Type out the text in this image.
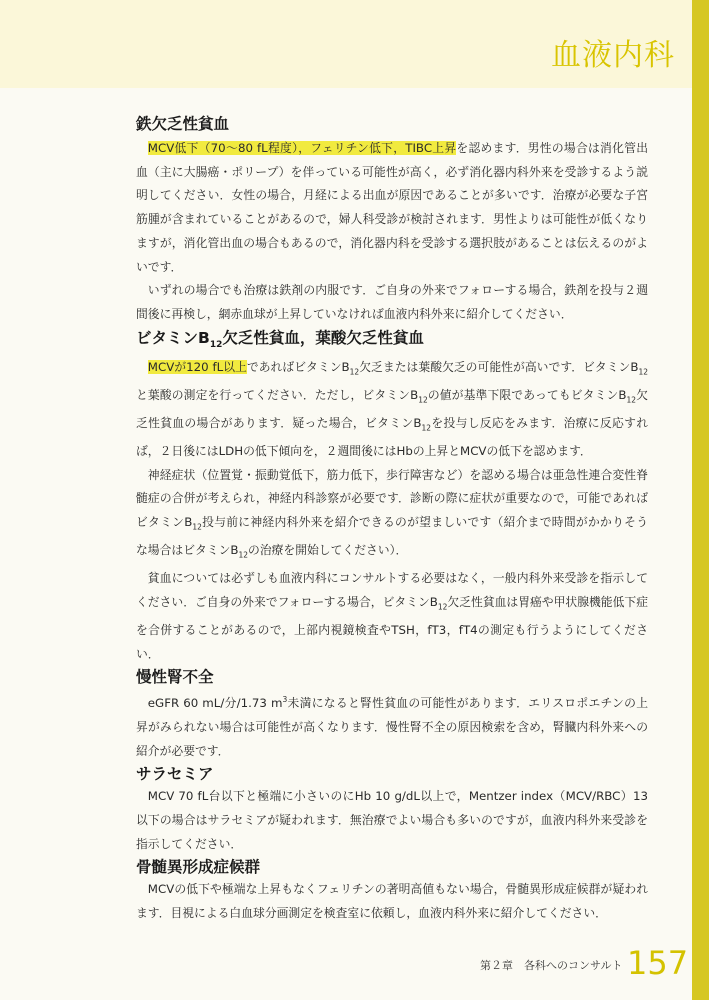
血液内科
鉄欠乏性貧血

MCV低下（70〜80 fL程度），フェリチン低下，TIBC上昇を認めます．男性の場合は消化管出血（主に大腸癌・ポリープ）を伴っている可能性が高く，必ず消化器内科外来を受診するよう説明してください．女性の場合，月経による出血が原因であることが多いです．治療が必要な子宮筋腫が含まれていることがあるので，婦人科受診が検討されます．男性よりは可能性が低くなりますが，消化管出血の場合もあるので，消化器内科を受診する選択肢があることは伝えるのがよいです．

いずれの場合でも治療は鉄剤の内服です．ご自身の外来でフォローする場合，鉄剤を投与２週間後に再検し，網赤血球が上昇していなければ血液内科外来に紹介してください．

ビタミン$B_{12}$欠乏性貧血，葉酸欠乏性貧血

MCVが120 fL以上であればビタミン$B_{12}$欠乏または葉酸欠乏の可能性が高いです．ビタミン$B_{12}$と葉酸の測定を行ってください．ただし，ビタミン$B_{12}$の値が基準下限であってもビタミン$B_{12}$欠乏性貧血の場合があります．疑った場合，ビタミン$B_{12}$を投与し反応をみます．治療に反応すれば，２日後にはLDHの低下傾向を，２週間後にはHbの上昇とMCVの低下を認めます．

神経症状（位置覚・振動覚低下，筋力低下，歩行障害など）を認める場合は亜急性連合変性脊髄症の合併が考えられ，神経内科診察が必要です．診断の際に症状が重要なので，可能であればビタミン$B_{12}$投与前に神経内科外来を紹介できるのが望ましいです（紹介まで時間がかかりそうな場合はビタミン$B_{12}$の治療を開始してください）．

貧血については必ずしも血液内科にコンサルトする必要はなく，一般内科外来受診を指示してください．ご自身の外来でフォローする場合，ビタミン$B_{12}$欠乏性貧血は胃癌や甲状腺機能低下症を合併することがあるので，上部内視鏡検査やTSH，fT3，fT4の測定も行うようにしてください．

慢性腎不全

eGFR 60 mL/分/1.73 $m^3$未満になると腎性貧血の可能性があります．エリスロポエチンの上昇がみられない場合は可能性が高くなります．慢性腎不全の原因検索を含め，腎臓内科外来への紹介が必要です．

サラセミア

MCV 70 fL台以下と極端に小さいのにHb 10 g/dL以上で，Mentzer index（MCV/RBC）13以下の場合はサラセミアが疑われます．無治療でよい場合も多いのですが，血液内科外来受診を指示してください．

骨髄異形成症候群

MCVの低下や極端な上昇もなくフェリチンの著明高値もない場合，骨髄異形成症候群が疑われます．目視による白血球分画測定を検査室に依頼し，血液内科外来に紹介してください．

第２章　各科へのコンサルト 157
